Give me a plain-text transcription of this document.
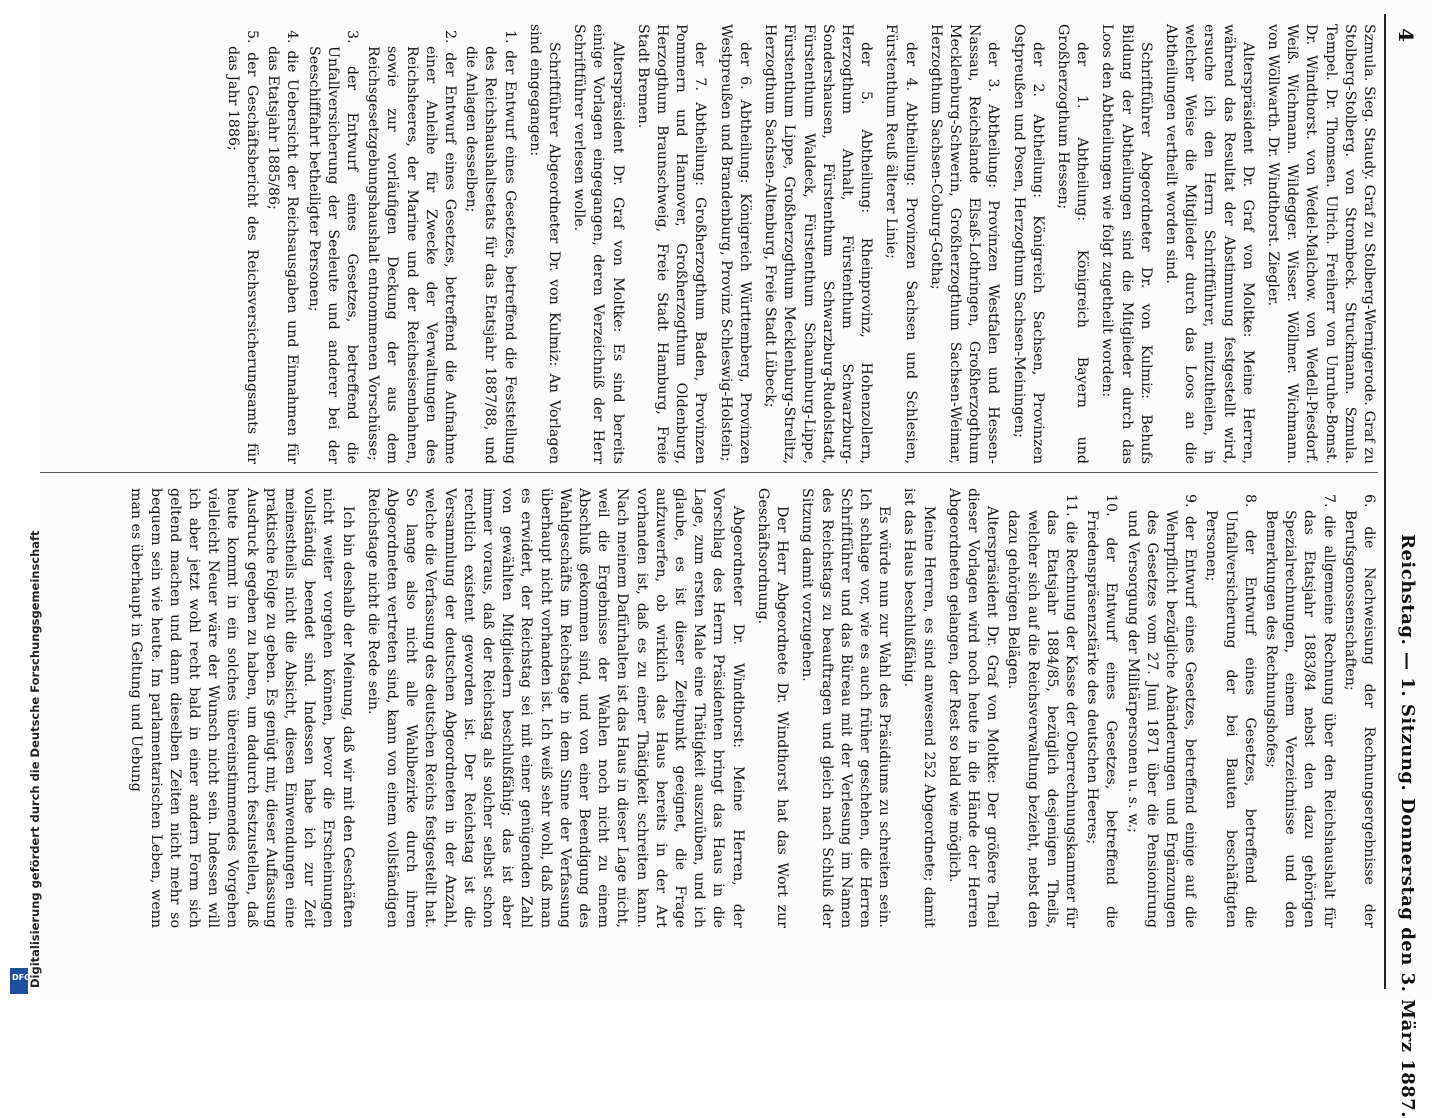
4
Reichstag. — 1. Sitzung. Donnerstag den 3. März 1887.

Szmula. Sieg. Staudy. Graf zu Stolberg-Wernigerode. Graf zu Stolberg-Stolberg. von Strombeck. Struckmann. Szmula. Tempel. Dr. Thomsen. Ulrich. Freiherr von Unruhe-Bomst. Dr. Windthorst. von Wedel-Malchow. von Wedell-Piesdorf. Weiß. Wichmann. Wildegger. Wisser. Wöllmer. Wichmann. von Wöllwarth. Dr. Windthorst. Ziegler.

Alterspräsident Dr. Graf von Moltke: Meine Herren, während das Resultat der Abstimmung festgestellt wird, ersuche ich den Herrn Schriftführer, mitzutheilen, in welcher Weise die Mitglieder durch das Loos an die Abtheilungen vertheilt worden sind.

Schriftführer Abgeordneter Dr. von Kulmiz: Behufs Bildung der Abtheilungen sind die Mitglieder durch das Loos den Abtheilungen wie folgt zugetheilt worden:

der 1. Abtheilung: Königreich Bayern und Großherzogthum Hessen;

der 2. Abtheilung: Königreich Sachsen, Provinzen Ostpreußen und Posen, Herzogthum Sachsen-Meiningen;

der 3. Abtheilung: Provinzen Westfalen und Hessen-Nassau, Reichslande Elsaß-Lothringen, Großherzogthum Mecklenburg-Schwerin, Großherzogthum Sachsen-Weimar, Herzogthum Sachsen-Coburg-Gotha;

der 4. Abtheilung: Provinzen Sachsen und Schlesien, Fürstenthum Reuß älterer Linie;

der 5. Abtheilung: Rheinprovinz, Hohenzollern, Herzogthum Anhalt, Fürstenthum Schwarzburg-Sondershausen, Fürstenthum Schwarzburg-Rudolstadt, Fürstenthum Waldeck, Fürstenthum Schaumburg-Lippe, Fürstenthum Lippe, Großherzogthum Mecklenburg-Strelitz, Herzogthum Sachsen-Altenburg, Freie Stadt Lübeck;

der 6. Abtheilung: Königreich Württemberg, Provinzen Westpreußen und Brandenburg, Provinz Schleswig-Holstein;

der 7. Abtheilung: Großherzogthum Baden, Provinzen Pommern und Hannover, Großherzogthum Oldenburg, Herzogthum Braunschweig, Freie Stadt Hamburg, Freie Stadt Bremen.

Alterspräsident Dr. Graf von Moltke: Es sind bereits einige Vorlagen eingegangen, deren Verzeichniß der Herr Schriftführer verlesen wolle.

Schriftführer Abgeordneter Dr. von Kulmiz: An Vorlagen sind eingegangen:

1. der Entwurf eines Gesetzes, betreffend die Feststellung des Reichshaushaltsetats für das Etatsjahr 1887/88, und die Anlagen desselben;

2. der Entwurf eines Gesetzes, betreffend die Aufnahme einer Anleihe für Zwecke der Verwaltungen des Reichsheeres, der Marine und der Reichseisenbahnen, sowie zur vorläufigen Deckung der aus dem Reichsgesetzgebungshaushalt entnommenen Vorschüsse;

3. der Entwurf eines Gesetzes, betreffend die Unfallversicherung der Seeleute und anderer bei der Seeschifffahrt betheiligter Personen;

4. die Uebersicht der Reichsausgaben und Einnahmen für das Etatsjahr 1885/86;

5. der Geschäftsbericht des Reichsversicherungsamts für das Jahr 1886;

6. die Nachweisung der Rechnungsergebnisse der Berufsgenossenschaften;

7. die allgemeine Rechnung über den Reichshaushalt für das Etatsjahr 1883/84 nebst den dazu gehörigen Spezialrechnungen, einem Verzeichnisse und den Bemerkungen des Rechnungshofes;

8. der Entwurf eines Gesetzes, betreffend die Unfallversicherung der bei Bauten beschäftigten Personen;

9. der Entwurf eines Gesetzes, betreffend einige auf die Wehrpflicht bezügliche Abänderungen und Ergänzungen des Gesetzes vom 27. Juni 1871 über die Pensionirung und Versorgung der Militärpersonen u. s. w.;

10. der Entwurf eines Gesetzes, betreffend die Friedenspräsenzstärke des deutschen Heeres;

11. die Rechnung der Kasse der Oberrechnungskammer für das Etatsjahr 1884/85, bezüglich desjenigen Theils, welcher sich auf die Reichsverwaltung bezieht, nebst den dazu gehörigen Belägen.

Alterspräsident Dr. Graf von Moltke: Der größere Theil dieser Vorlagen wird noch heute in die Hände der Herren Abgeordneten gelangen, der Rest so bald wie möglich.

Meine Herren, es sind anwesend 252 Abgeordnete; damit ist das Haus beschlußfähig.

Es würde nun zur Wahl des Präsidiums zu schreiten sein. Ich schlage vor, wie es auch früher geschehen, die Herren Schriftführer und das Büreau mit der Verlesung im Namen des Reichstags zu beauftragen und gleich nach Schluß der Sitzung damit vorzugehen.

Der Herr Abgeordnete Dr. Windthorst hat das Wort zur Geschäftsordnung.

Abgeordneter Dr. Windthorst: Meine Herren, der Vorschlag des Herrn Präsidenten bringt das Haus in die Lage, zum ersten Male eine Thätigkeit auszuüben, und ich glaube, es ist dieser Zeitpunkt geeignet, die Frage aufzuwerfen, ob wirklich das Haus bereits in der Art vorhanden ist, daß es zu einer Thätigkeit schreiten kann. Nach meinem Dafürhalten ist das Haus in dieser Lage nicht, weil die Ergebnisse der Wahlen noch nicht zu einem Abschluß gekommen sind, und von einer Beendigung des Wahlgeschäfts im Reichstage in dem Sinne der Verfassung überhaupt nicht vorhanden ist. Ich weiß sehr wohl, daß man es erwidert, der Reichstag sei mit einer genügenden Zahl von gewählten Mitgliedern beschlußfähig; das ist aber immer voraus, daß der Reichstag als solcher selbst schon rechtlich existent geworden ist. Der Reichstag ist die Versammlung der deutschen Abgeordneten in der Anzahl, welche die Verfassung des deutschen Reichs festgestellt hat. So lange also nicht alle Wahlbezirke durch ihren Abgeordneten vertreten sind, kann von einem vollständigen Reichstage nicht die Rede sein.

Ich bin deshalb der Meinung, daß wir mit den Geschäften nicht weiter vorgehen können, bevor die Erscheinungen vollständig beendet sind. Indessen habe ich zur Zeit meinestheils nicht die Absicht, diesen Einwendungen eine praktische Folge zu geben. Es genügt mir, dieser Auffassung Ausdruck gegeben zu haben, um dadurch festzustellen, daß heute kommt in ein solches übereinstimmendes Vorgehen vielleicht Neuer wäre der Wunsch nicht sein. Indessen will ich aber jetzt wohl recht bald in einer andern Form sich geltend machen und dann dieselben Zeiten nicht mehr so bequem sein wie heute. Im parlamentarischen Leben, wenn man es überhaupt in Geltung und Uebung

Digitalisierung gefördert durch die Deutsche Forschungsgemeinschaft
DFG
